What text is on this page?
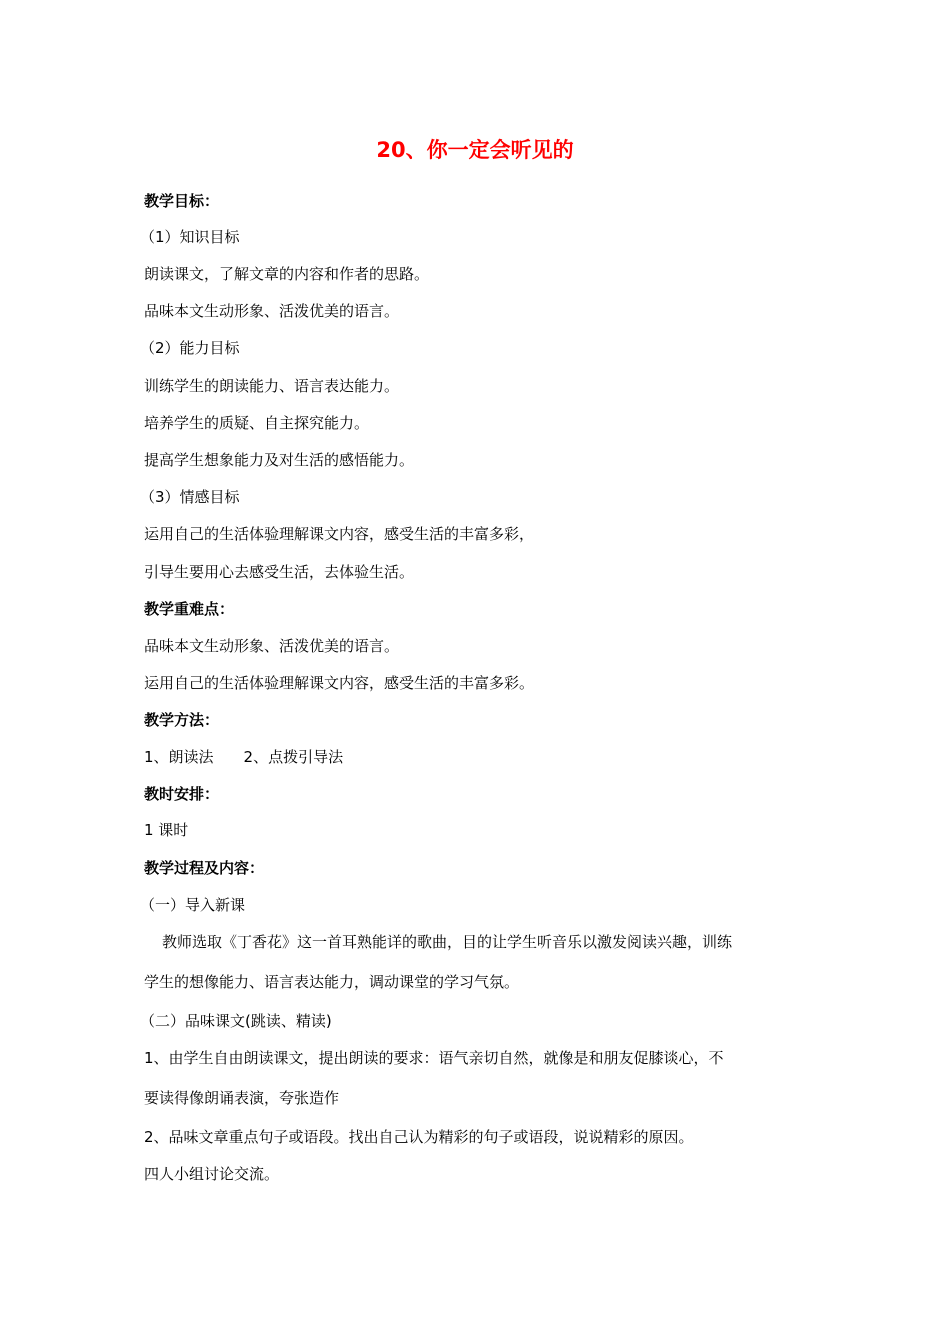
20、你一定会听见的
教学目标：
（1）知识目标
朗读课文，了解文章的内容和作者的思路。
品味本文生动形象、活泼优美的语言。
（2）能力目标
训练学生的朗读能力、语言表达能力。
培养学生的质疑、自主探究能力。
提高学生想象能力及对生活的感悟能力。
（3）情感目标
运用自己的生活体验理解课文内容，感受生活的丰富多彩，
引导生要用心去感受生活，去体验生活。
教学重难点：
品味本文生动形象、活泼优美的语言。
运用自己的生活体验理解课文内容，感受生活的丰富多彩。
教学方法：
1、朗读法 2、点拨引导法
教时安排：
1 课时
教学过程及内容：
（一）导入新课
教师选取《丁香花》这一首耳熟能详的歌曲，目的让学生听音乐以激发阅读兴趣，训练
学生的想像能力、语言表达能力，调动课堂的学习气氛。
（二）品味课文(跳读、精读)
1、由学生自由朗读课文，提出朗读的要求：语气亲切自然，就像是和朋友促膝谈心，不
要读得像朗诵表演，夸张造作
2、品味文章重点句子或语段。找出自己认为精彩的句子或语段，说说精彩的原因。
四人小组讨论交流。
